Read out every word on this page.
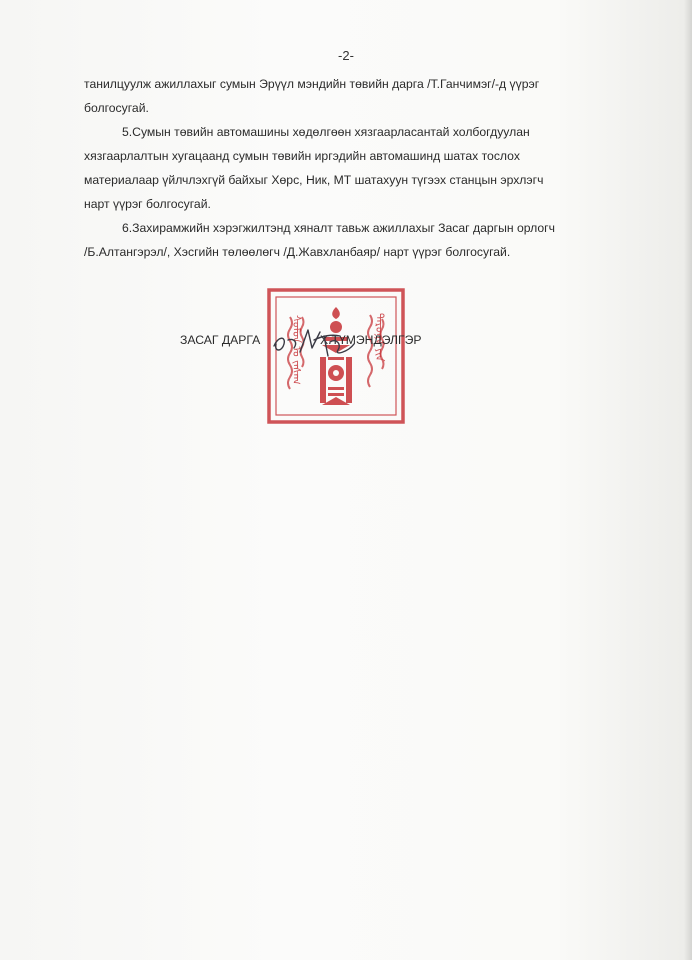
-2-

танилцуулж ажиллахыг сумын Эрүүл мэндийн төвийн дарга /Т.Ганчимэг/-д үүрэг

болгосугай.

5.Сумын төвийн автомашины хөдөлгөөн хязгаарласантай холбогдуулан

хязгаарлалтын хугацаанд сумын төвийн иргэдийн автомашинд шатах тослох

материалаар үйлчлэхгүй байхыг Хөрс, Ник, МТ шатахуун түгээх станцын эрхлэгч

нарт үүрэг болгосугай.

6.Захирамжийн хэрэгжилтэнд хяналт тавьж ажиллахыг Засаг даргын орлогч

/Б.Алтангэрэл/, Хэсгийн төлөөлөгч /Д.Жавхланбаяр/ нарт үүрэг болгосугай.

ᠰᠤᠮᠤᠨ ᠤ ᠵᠠᠰᠠᠭ	ᠳᠠᠷᠤᠭᠠ ᠶᠢᠨ
ЗАСАГ ДАРГА	Х.ТҮМЭНДЭЛГЭР
